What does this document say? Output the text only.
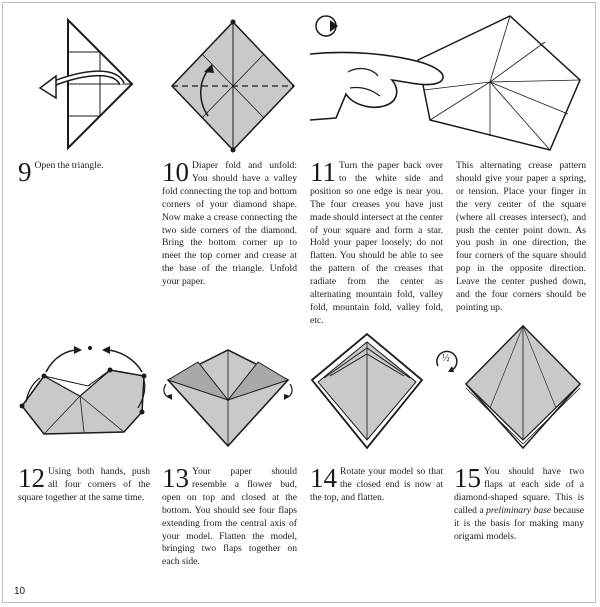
9 Open the triangle.	10 Diaper fold and unfold: You should have a valley fold connecting the top and bottom corners of your diamond shape. Now make a crease connecting the two side corners of the diamond. Bring the bottom corner up to meet the top corner and crease at the base of the triangle. Unfold your paper.
11 Turn the paper back over to the white side and position so one edge is near you. The four creases you have just made should intersect at the center of your square and form a star. Hold your paper loosely; do not flatten. You should be able to see the pattern of the creases that radiate from the center as alternating mountain fold, valley fold, mountain fold, valley fold, etc.
This alternating crease pattern should give your paper a spring, or tension. Place your finger in the very center of the square (where all creases intersect), and push the center point down. As you push in one direction, the four corners of the square should pop in the opposite direction. Leave the center pushed down, and the four corners should be pointing up.
½
12 Using both hands, push all four corners of the square together at the same time.
13 Your paper should resemble a flower bud, open on top and closed at the bottom. You should see four flaps extending from the central axis of your model. Flatten the model, bringing two flaps together on each side.
14 Rotate your model so that the closed end is now at the top, and flatten.
15 You should have two flaps at each side of a diamond-shaped square. This is called a preliminary base because it is the basis for making many origami models.
10
